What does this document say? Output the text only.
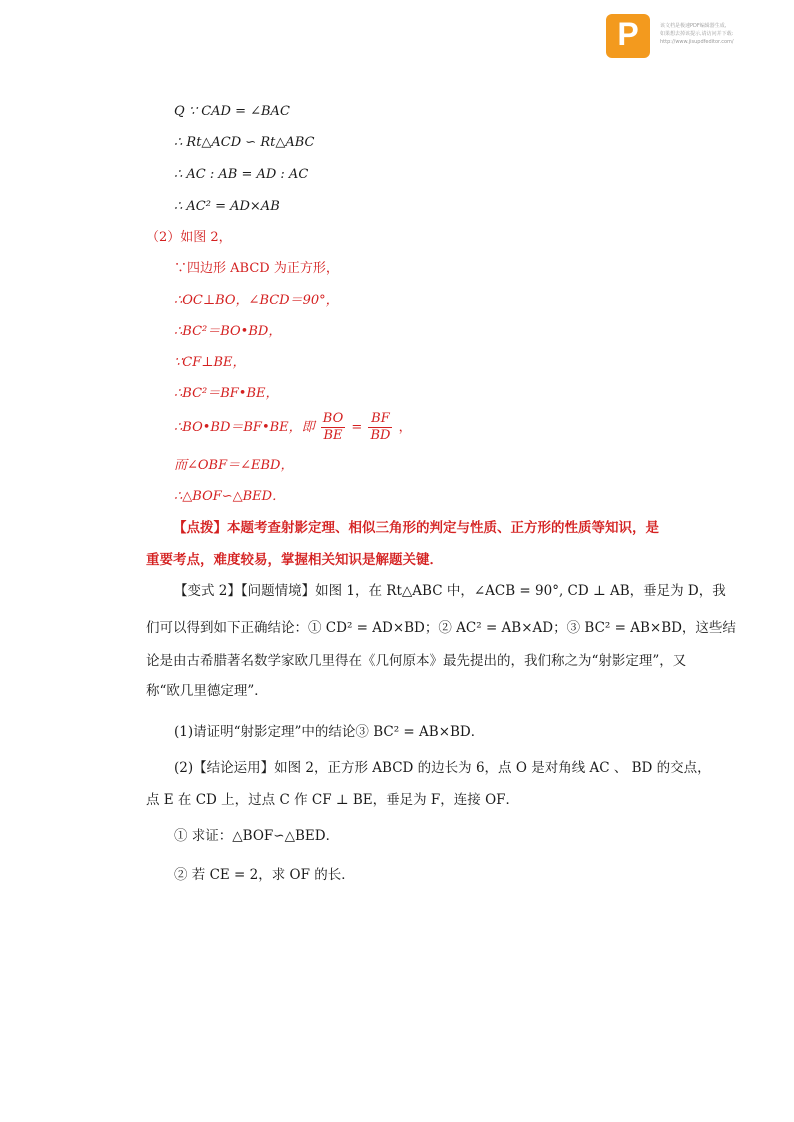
P	该文档是极速PDF编辑器生成,
如果想去掉该提示,请访问并下载:
http://www.jisupdfeditor.com/
Q ∵ CAD = ∠BAC
∴ Rt△ACD ∽ Rt△ABC
∴ AC : AB = AD : AC
∴ AC² = AD×AB
（2）如图 2，
∵四边形 ABCD 为正方形，
∴OC⊥BO，∠BCD＝90°，
∴BC²＝BO•BD，
∵CF⊥BE，
∴BC²＝BF•BE，
∴BO•BD＝BF•BE，即 $\frac{BO}{BE} = \frac{BF}{BD}$ ，
而∠OBF＝∠EBD，
∴△BOF∽△BED．
【点拨】本题考查射影定理、相似三角形的判定与性质、正方形的性质等知识，是重要考点，难度较易，掌握相关知识是解题关键．
【变式 2】【问题情境】如图 1，在 Rt△ABC 中，∠ACB = 90°, CD ⊥ AB，垂足为 D，我
们可以得到如下正确结论：① CD² = AD×BD；② AC² = AB×AD；③ BC² = AB×BD，这些结
论是由古希腊著名数学家欧几里得在《几何原本》最先提出的，我们称之为“射影定理”，又
称“欧几里德定理”．
(1)请证明“射影定理”中的结论③ BC² = AB×BD．
(2)【结论运用】如图 2，正方形 ABCD 的边长为 6，点 O 是对角线 AC 、 BD 的交点，
点 E 在 CD 上，过点 C 作 CF ⊥ BE，垂足为 F，连接 OF．
① 求证：△BOF∽△BED．
② 若 CE = 2，求 OF 的长．
